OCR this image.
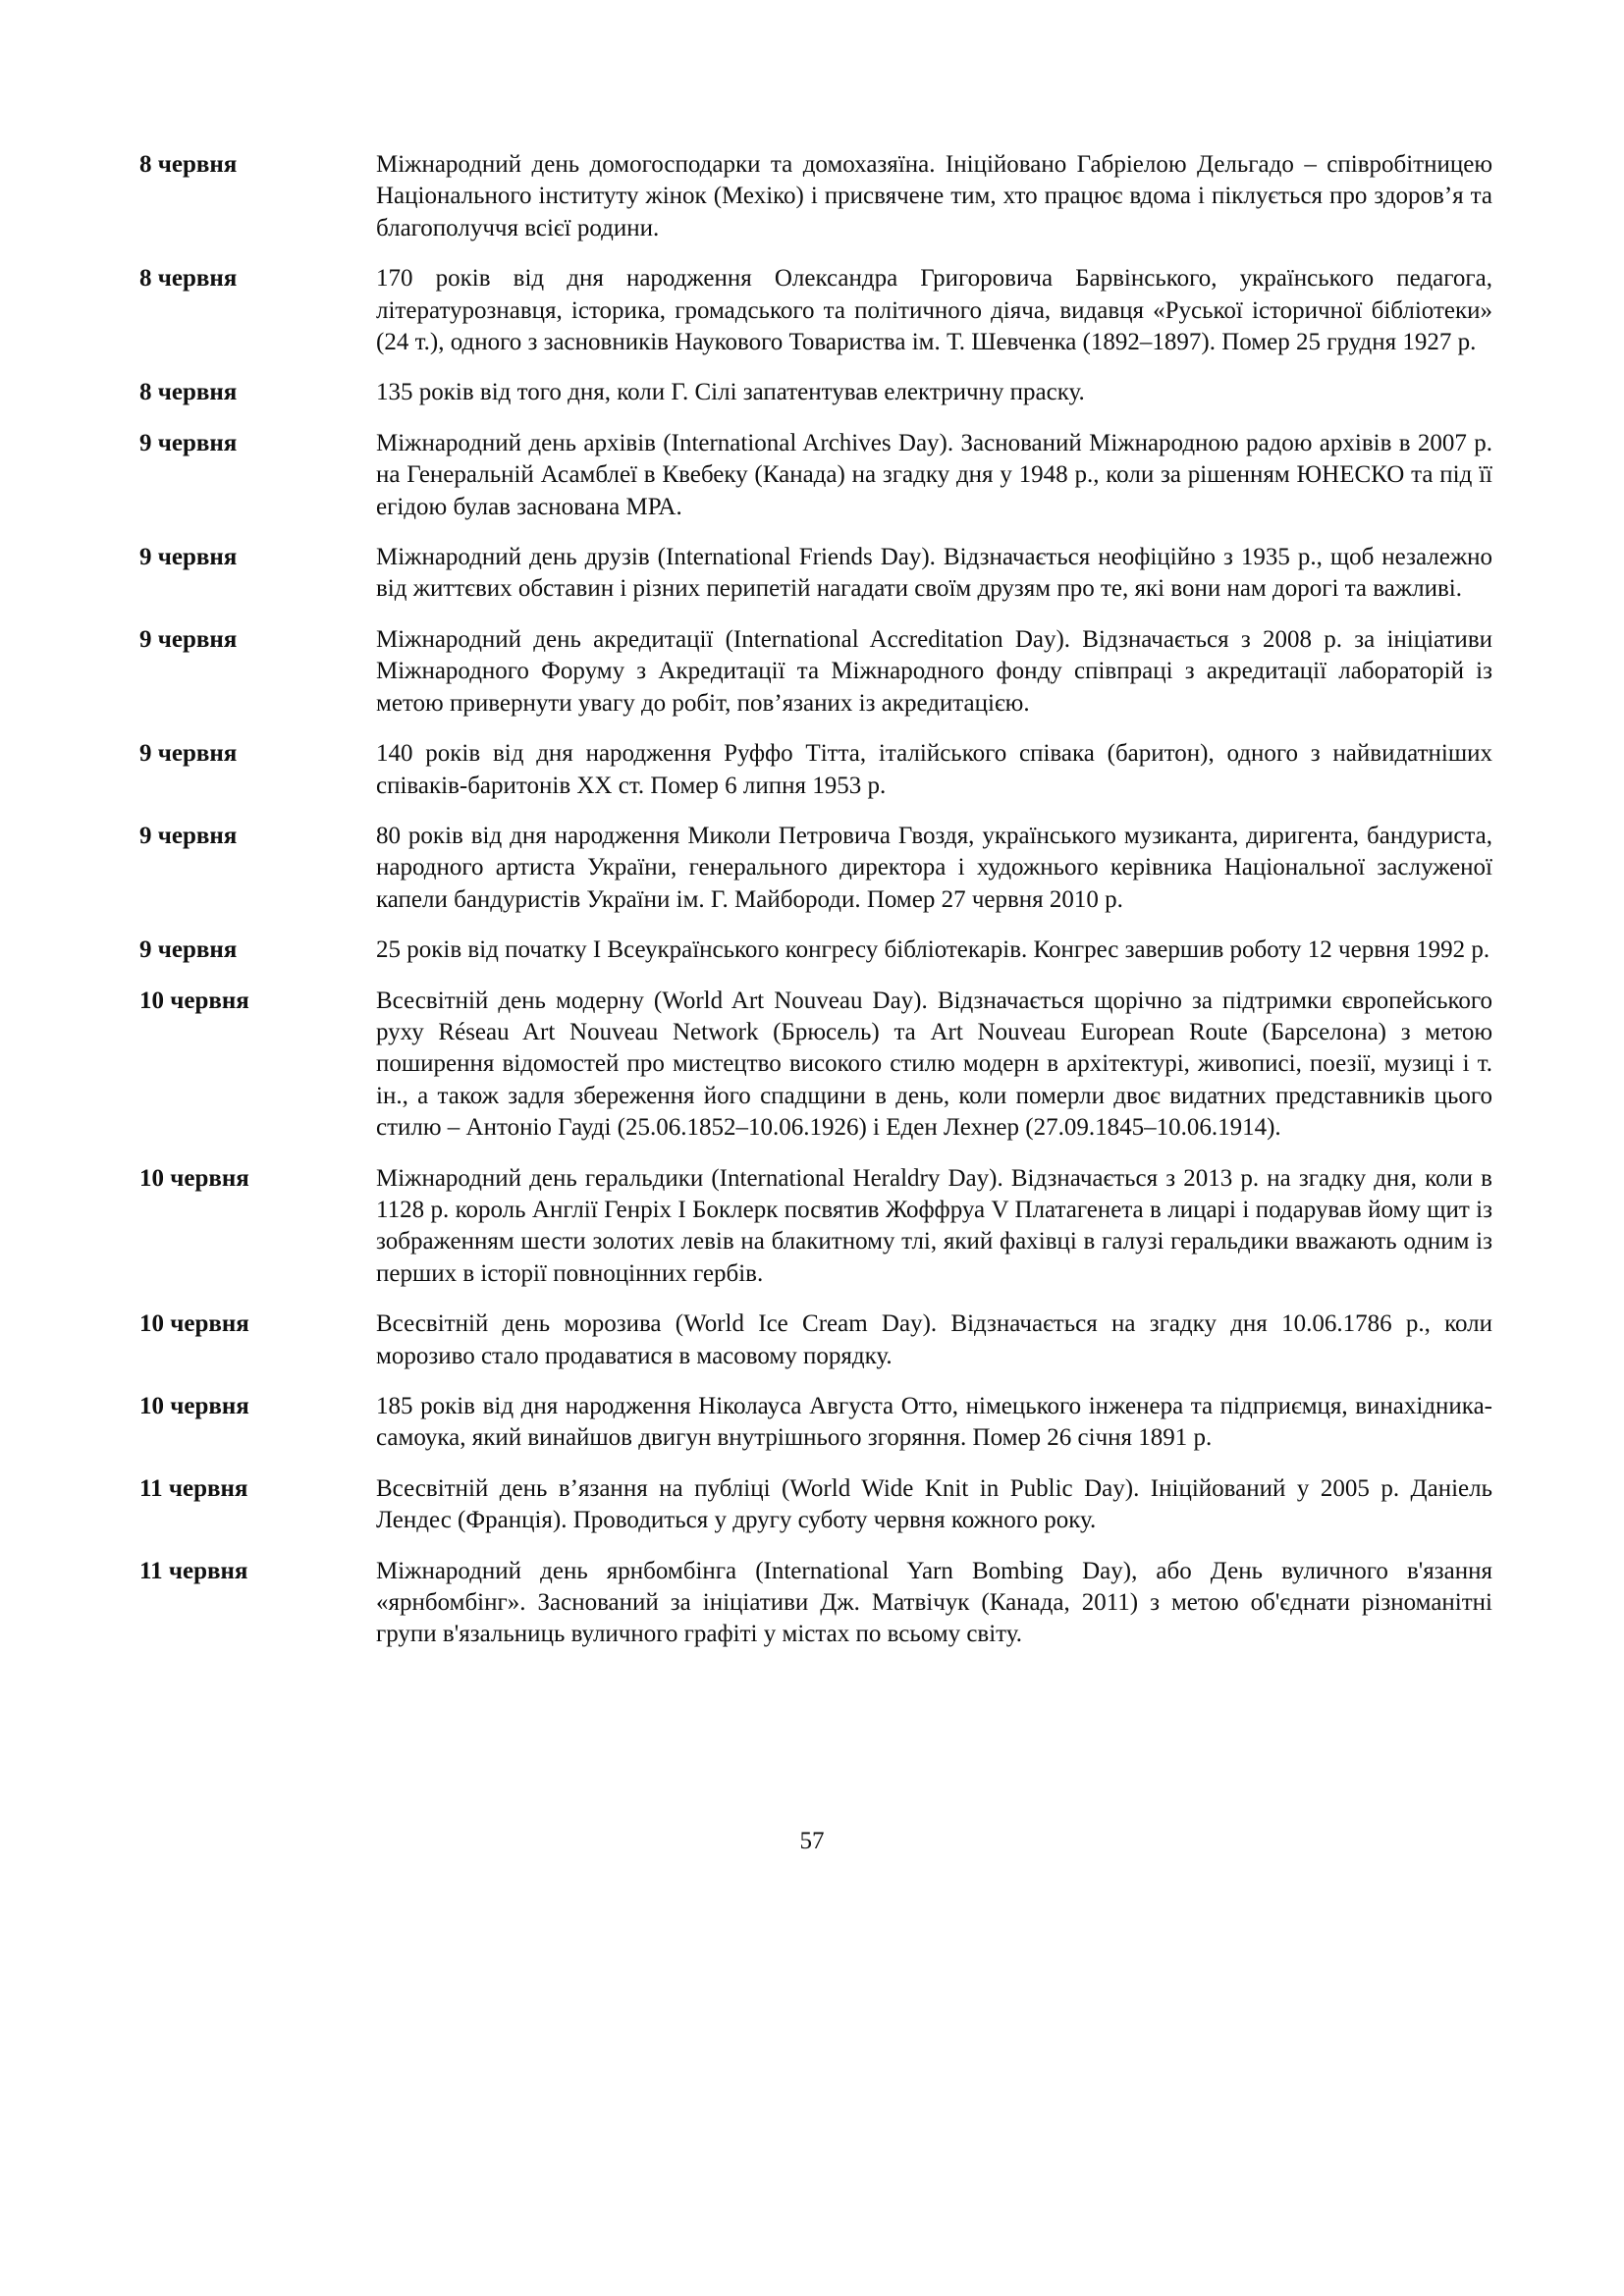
8 червня	Міжнародний день домогосподарки та домохазяїна. Ініційовано Габріелою Дельгадо – співробітницею Національного інституту жінок (Мехіко) і присвячене тим, хто працює вдома і піклується про здоров’я та благополуччя всієї родини.
8 червня	170 років від дня народження Олександра Григоровича Барвінського, українського педагога, літературознавця, історика, громадського та політичного діяча, видавця «Руської історичної бібліотеки» (24 т.), одного з засновників Наукового Товариства ім. Т. Шевченка (1892–1897). Помер 25 грудня 1927 р.
8 червня	135 років від того дня, коли Г. Сілі запатентував електричну праску.
9 червня	Міжнародний день архівів (International Archives Day). Заснований Міжнародною радою архівів в 2007 р. на Генеральній Асамблеї в Квебеку (Канада) на згадку дня у 1948 р., коли за рішенням ЮНЕСКО та під її егідою булав заснована МРА.
9 червня	Міжнародний день друзів (International Friends Day). Відзначається неофіційно з 1935 р., щоб незалежно від життєвих обставин і різних перипетій нагадати своїм друзям про те, які вони нам дорогі та важливі.
9 червня	Міжнародний день акредитації (International Accreditation Day). Відзначається з 2008 р. за ініціативи Міжнародного Форуму з Акредитації та Міжнародного фонду співпраці з акредитації лабораторій із метою привернути увагу до робіт, пов’язаних із акредитацією.
9 червня	140 років від дня народження Руффо Тітта, італійського співака (баритон), одного з найвидатніших співаків-баритонів ХХ ст. Помер 6 липня 1953 р.
9 червня	80 років від дня народження Миколи Петровича Гвоздя, українського музиканта, диригента, бандуриста, народного артиста України, генерального директора і художнього керівника Національної заслуженої капели бандуристів України ім. Г. Майбороди. Помер 27 червня 2010 р.
9 червня	25 років від початку І Всеукраїнського конгресу бібліотекарів. Конгрес завершив роботу 12 червня 1992 р.
10 червня	Всесвітній день модерну (World Art Nouveau Day). Відзначається щорічно за підтримки європейського руху Réseau Art Nouveau Network (Брюсель) та Art Nouveau European Route (Барселона) з метою поширення відомостей про мистецтво високого стилю модерн в архітектурі, живописі, поезії, музиці і т. ін., а також задля збереження його спадщини в день, коли померли двоє видатних представників цього стилю – Антоніо Гауді (25.06.1852–10.06.1926) і Еден Лехнер (27.09.1845–10.06.1914).
10 червня	Міжнародний день геральдики (International Heraldry Day). Відзначається з 2013 р. на згадку дня, коли в 1128 р. король Англії Генріх І Боклерк посвятив Жоффруа V Платагенета в лицарі і подарував йому щит із зображенням шести золотих левів на блакитному тлі, який фахівці в галузі геральдики вважають одним із перших в історії повноцінних гербів.
10 червня	Всесвітній день морозива (World Ice Cream Day). Відзначається на згадку дня 10.06.1786 р., коли морозиво стало продаватися в масовому порядку.
10 червня	185 років від дня народження Ніколауса Августа Отто, німецького інженера та підприємця, винахідника-самоука, який винайшов двигун внутрішнього згоряння. Помер 26 січня 1891 р.
11 червня	Всесвітній день в’язання на публіці (World Wide Knit in Public Day). Ініційований у 2005 р. Даніель Лендес (Франція). Проводиться у другу суботу червня кожного року.
11 червня	Міжнародний день ярнбомбінга (International Yarn Bombing Day), або День вуличного в'язання «ярнбомбінг». Заснований за ініціативи Дж. Матвічук (Канада, 2011) з метою об'єднати різноманітні групи в'язальниць вуличного графіті у містах по всьому світу.
57
